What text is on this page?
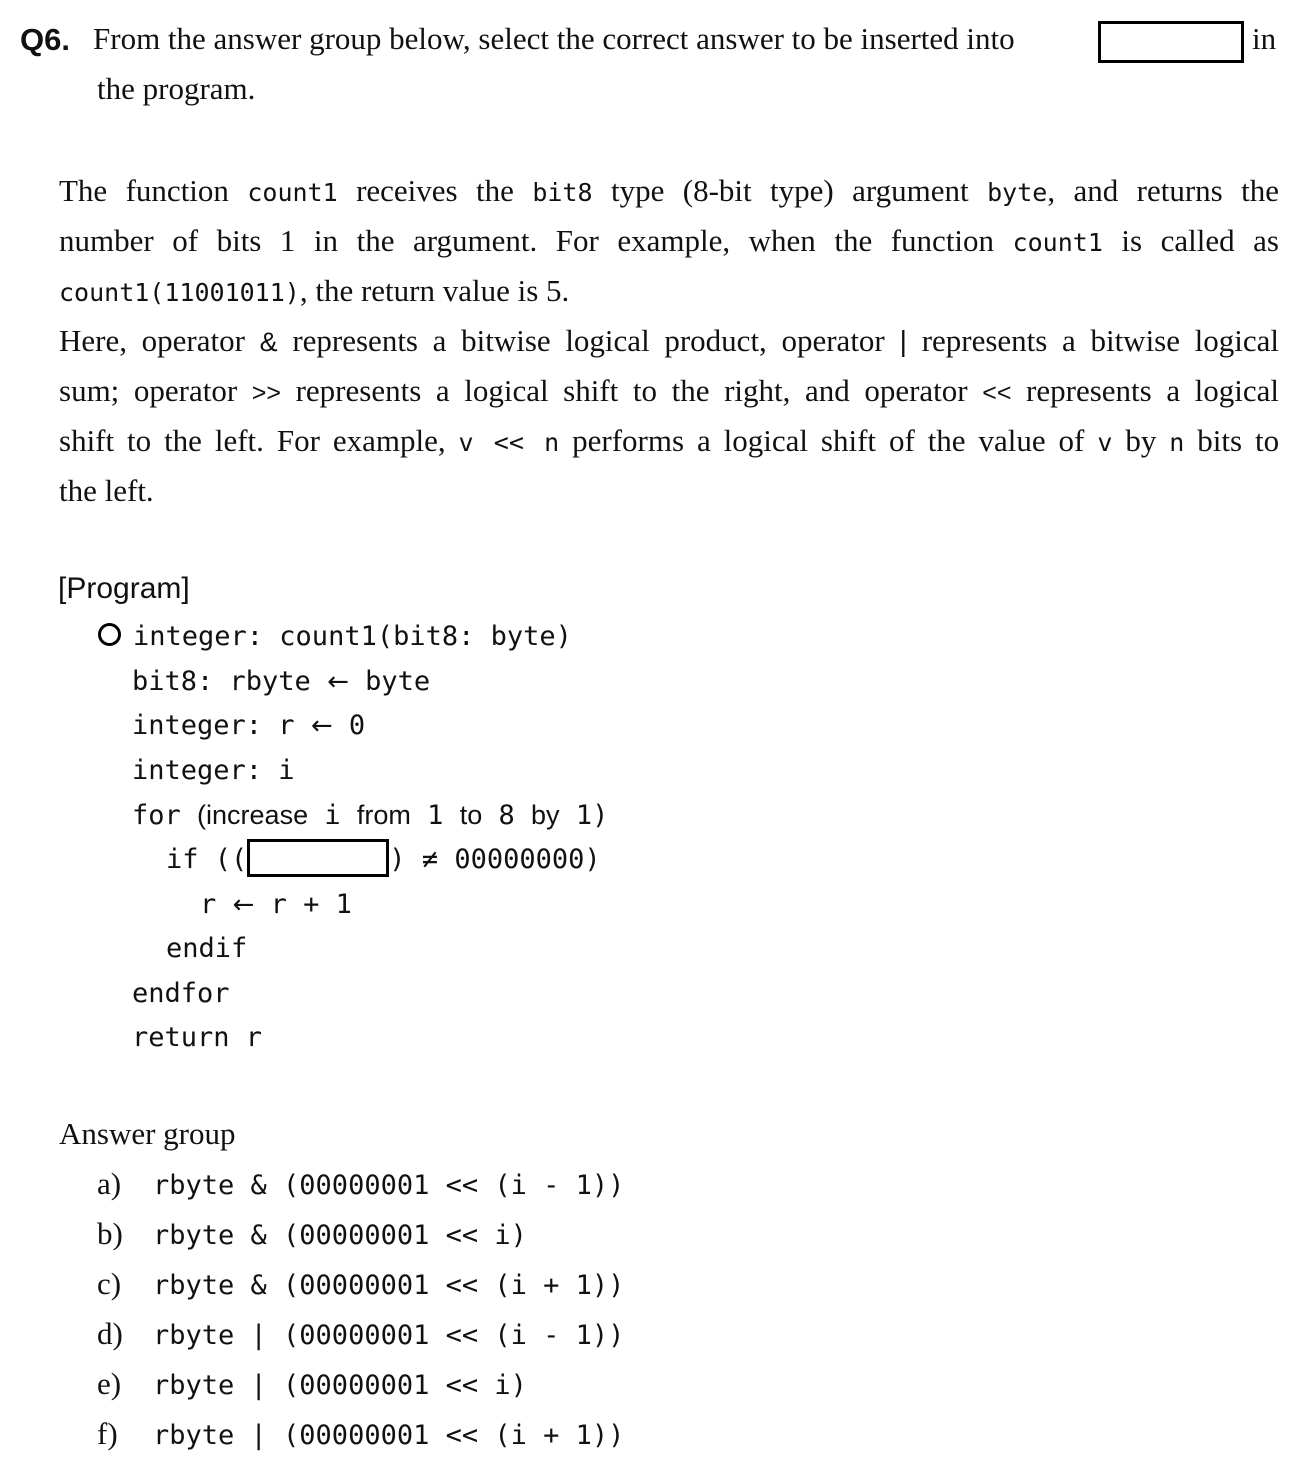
Q6. From the answer group below, select the correct answer to be inserted into	in
the program.
The function count1 receives the bit8 type (8-bit type) argument byte, and returns the
number of bits 1 in the argument. For example, when the function count1 is called as
count1(11001011), the return value is 5.
Here, operator & represents a bitwise logical product, operator | represents a bitwise logical
sum; operator >> represents a logical shift to the right, and operator << represents a logical
shift to the left. For example, v << n performs a logical shift of the value of v by n bits to
the left.
[Program]
integer: count1(bit8: byte)
bit8: rbyte ← byte
integer: r ← 0
integer: i
for (increase i from 1 to 8 by 1)
if ((	) ≠ 00000000)
r ← r + 1
endif
endfor
return r
Answer group
a) rbyte & (00000001 << (i - 1))
b) rbyte & (00000001 << i)
c) rbyte & (00000001 << (i + 1))
d) rbyte | (00000001 << (i - 1))
e) rbyte | (00000001 << i)
f) rbyte | (00000001 << (i + 1))
